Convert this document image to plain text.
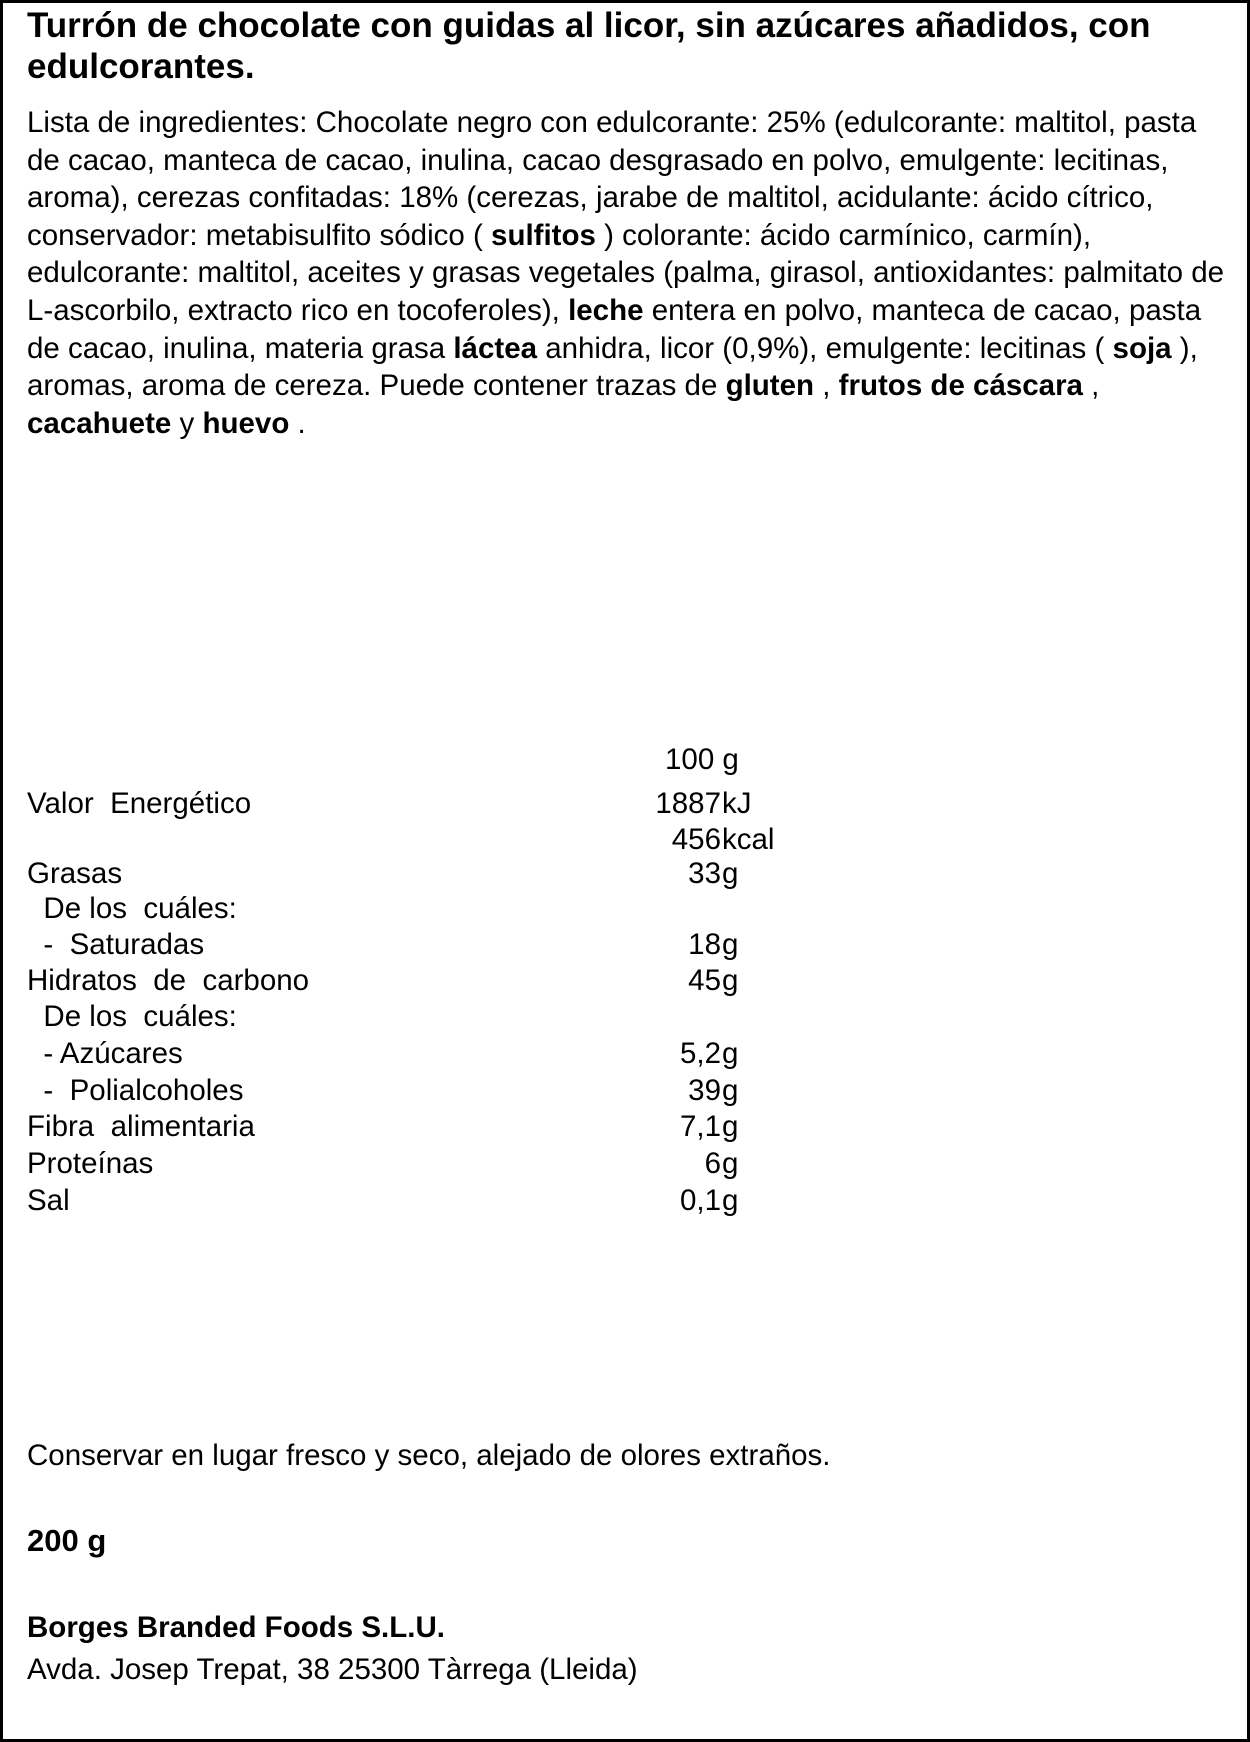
Turrón de chocolate con guidas al licor, sin azúcares añadidos, con edulcorantes.
Lista de ingredientes: Chocolate negro con edulcorante: 25% (edulcorante: maltitol, pasta de cacao, manteca de cacao, inulina, cacao desgrasado en polvo, emulgente: lecitinas, aroma), cerezas confitadas: 18% (cerezas, jarabe de maltitol, acidulante: ácido cítrico, conservador: metabisulfito sódico ( sulfitos ) colorante: ácido carmínico, carmín), edulcorante: maltitol, aceites y grasas vegetales (palma, girasol, antioxidantes: palmitato de L-ascorbilo, extracto rico en tocoferoles), leche entera en polvo, manteca de cacao, pasta de cacao, inulina, materia grasa láctea anhidra, licor (0,9%), emulgente: lecitinas ( soja ), aromas, aroma de cereza. Puede contener trazas de gluten , frutos de cáscara , cacahuete y huevo .
100 g
Valor  Energético	1887 kJ
456 kcal
Grasas	33 g
De los  cuáles:
-  Saturadas	18 g
Hidratos  de  carbono	45 g
De los  cuáles:
- Azúcares	5,2 g
-  Polialcoholes	39 g
Fibra  alimentaria	7,1 g
Proteínas	6 g
Sal	0,1 g
Conservar en lugar fresco y seco, alejado de olores extraños.
200 g
Borges Branded Foods S.L.U.
Avda. Josep Trepat, 38 25300 Tàrrega (Lleida)
